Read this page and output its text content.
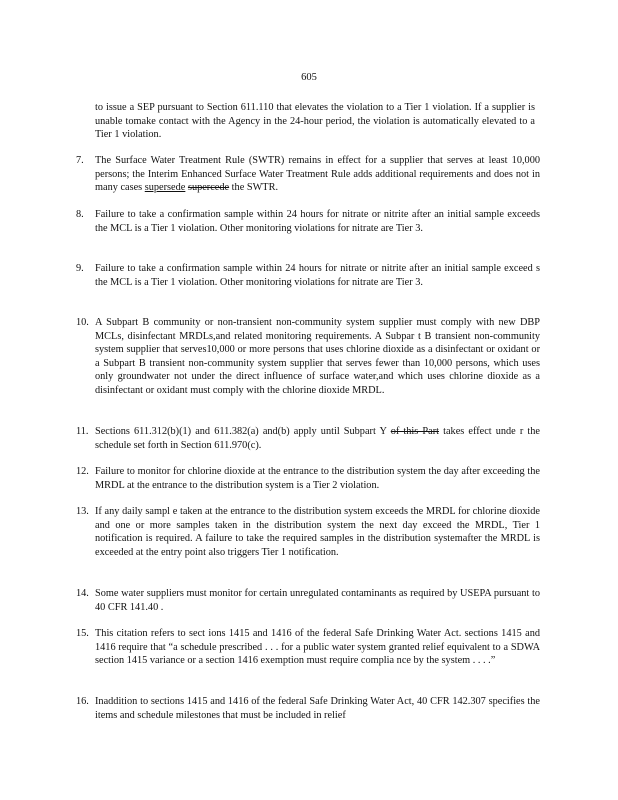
605
to issue a SEP pursuant to Section 611.110 that elevates the violation to a Tier 1 violation. If a supplier is unable tomake contact with the Agency in the 24-hour period, the violation is automatically elevated to a Tier 1 violation.
7.	The Surface Water Treatment Rule (SWTR) remains in effect for a supplier that serves at least 10,000 persons; the Interim Enhanced Surface Water Treatment Rule adds additional requirements and does not in many cases supersede supercede the SWTR.
8.	Failure to take a confirmation sample within 24 hours for nitrate or nitrite after an initial sample exceeds the MCL is a Tier 1 violation. Other monitoring violations for nitrate are Tier 3.
9.	Failure to take a confirmation sample within 24 hours for nitrate or nitrite after an initial sample exceed s the MCL is a Tier 1 violation. Other monitoring violations for nitrate are Tier 3.
10. A Subpart B community or non-transient non-community system supplier must comply with new DBP MCLs, disinfectant MRDLs,and related monitoring requirements. A Subpar t B transient non-community system supplier that serves10,000 or more persons that uses chlorine dioxide as a disinfectant or oxidant or a Subpart B transient non-community system supplier that serves fewer than 10,000 persons, which uses only groundwater not under the direct influence of surface water,and which uses chlorine dioxide as a disinfectant or oxidant must comply with the chlorine dioxide MRDL.
11. Sections 611.312(b)(1) and 611.382(a) and(b) apply until Subpart Y of this Part takes effect unde r the schedule set forth in Section 611.970(c).
12. Failure to monitor for chlorine dioxide at the entrance to the distribution system the day after exceeding the MRDL at the entrance to the distribution system is a Tier 2 violation.
13. If any daily sampl e taken at the entrance to the distribution system exceeds the MRDL for chlorine dioxide and one or more samples taken in the distribution system the next day exceed the MRDL, Tier 1 notification is required. A failure to take the required samples in the distribution systemafter the MRDL is exceeded at the entry point also triggers Tier 1 notification.
14. Some water suppliers must monitor for certain unregulated contaminants as required by USEPA pursuant to 40 CFR 141.40 .
15. This citation refers to sect ions 1415 and 1416 of the federal Safe Drinking Water Act. sections 1415 and 1416 require that “a schedule prescribed . . . for a public water system granted relief equivalent to a SDWA section 1415 variance or a section 1416 exemption must require complia nce by the system . . . .”
16. Inaddition to sections 1415 and 1416 of the federal Safe Drinking Water Act, 40 CFR 142.307 specifies the items and schedule milestones that must be included in relief
